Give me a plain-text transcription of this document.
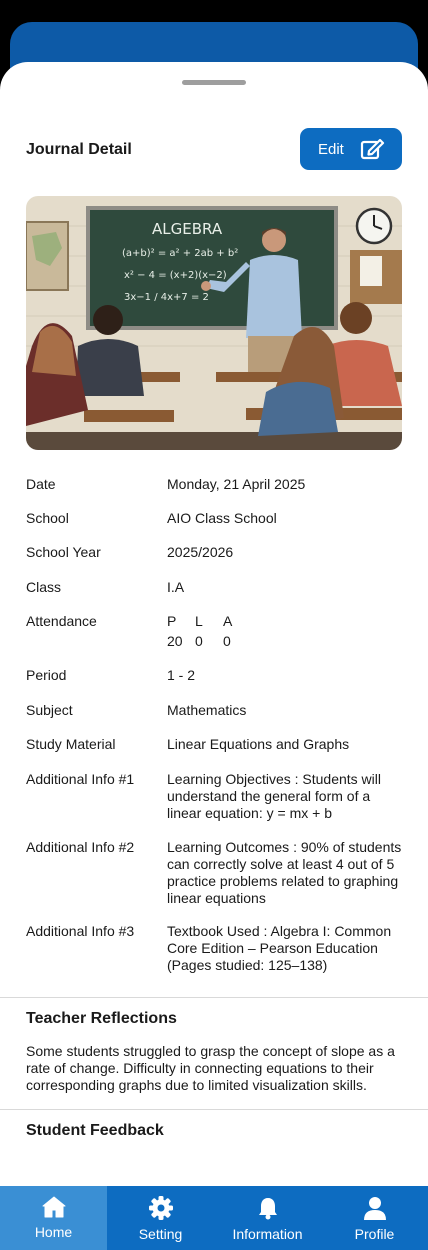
Journal Detail	Edit
ALGEBRA
(a+b)² = a² + 2ab + b²
x² − 4 = (x+2)(x−2)
3x−1 / 4x+7 = 2
Date	Monday, 21 April 2025
School	AIO Class School
School Year	2025/2026
Class	I.A
Attendance	P	L	A
20 0	0
Period	1 - 2
Subject	Mathematics
Study Material	Linear Equations and Graphs
Additional Info #1	Learning Objectives : Students will understand the general form of a linear equation: y = mx + b
Additional Info #2	Learning Outcomes : 90% of students can correctly solve at least 4 out of 5 practice problems related to graphing linear equations
Additional Info #3	Textbook Used : Algebra I: Common Core Edition – Pearson Education (Pages studied: 125–138)
Teacher Reflections
Some students struggled to grasp the concept of slope as a rate of change. Difficulty in connecting equations to their corresponding graphs due to limited visualization skills.
Student Feedback
Home	Setting	Information	Profile
